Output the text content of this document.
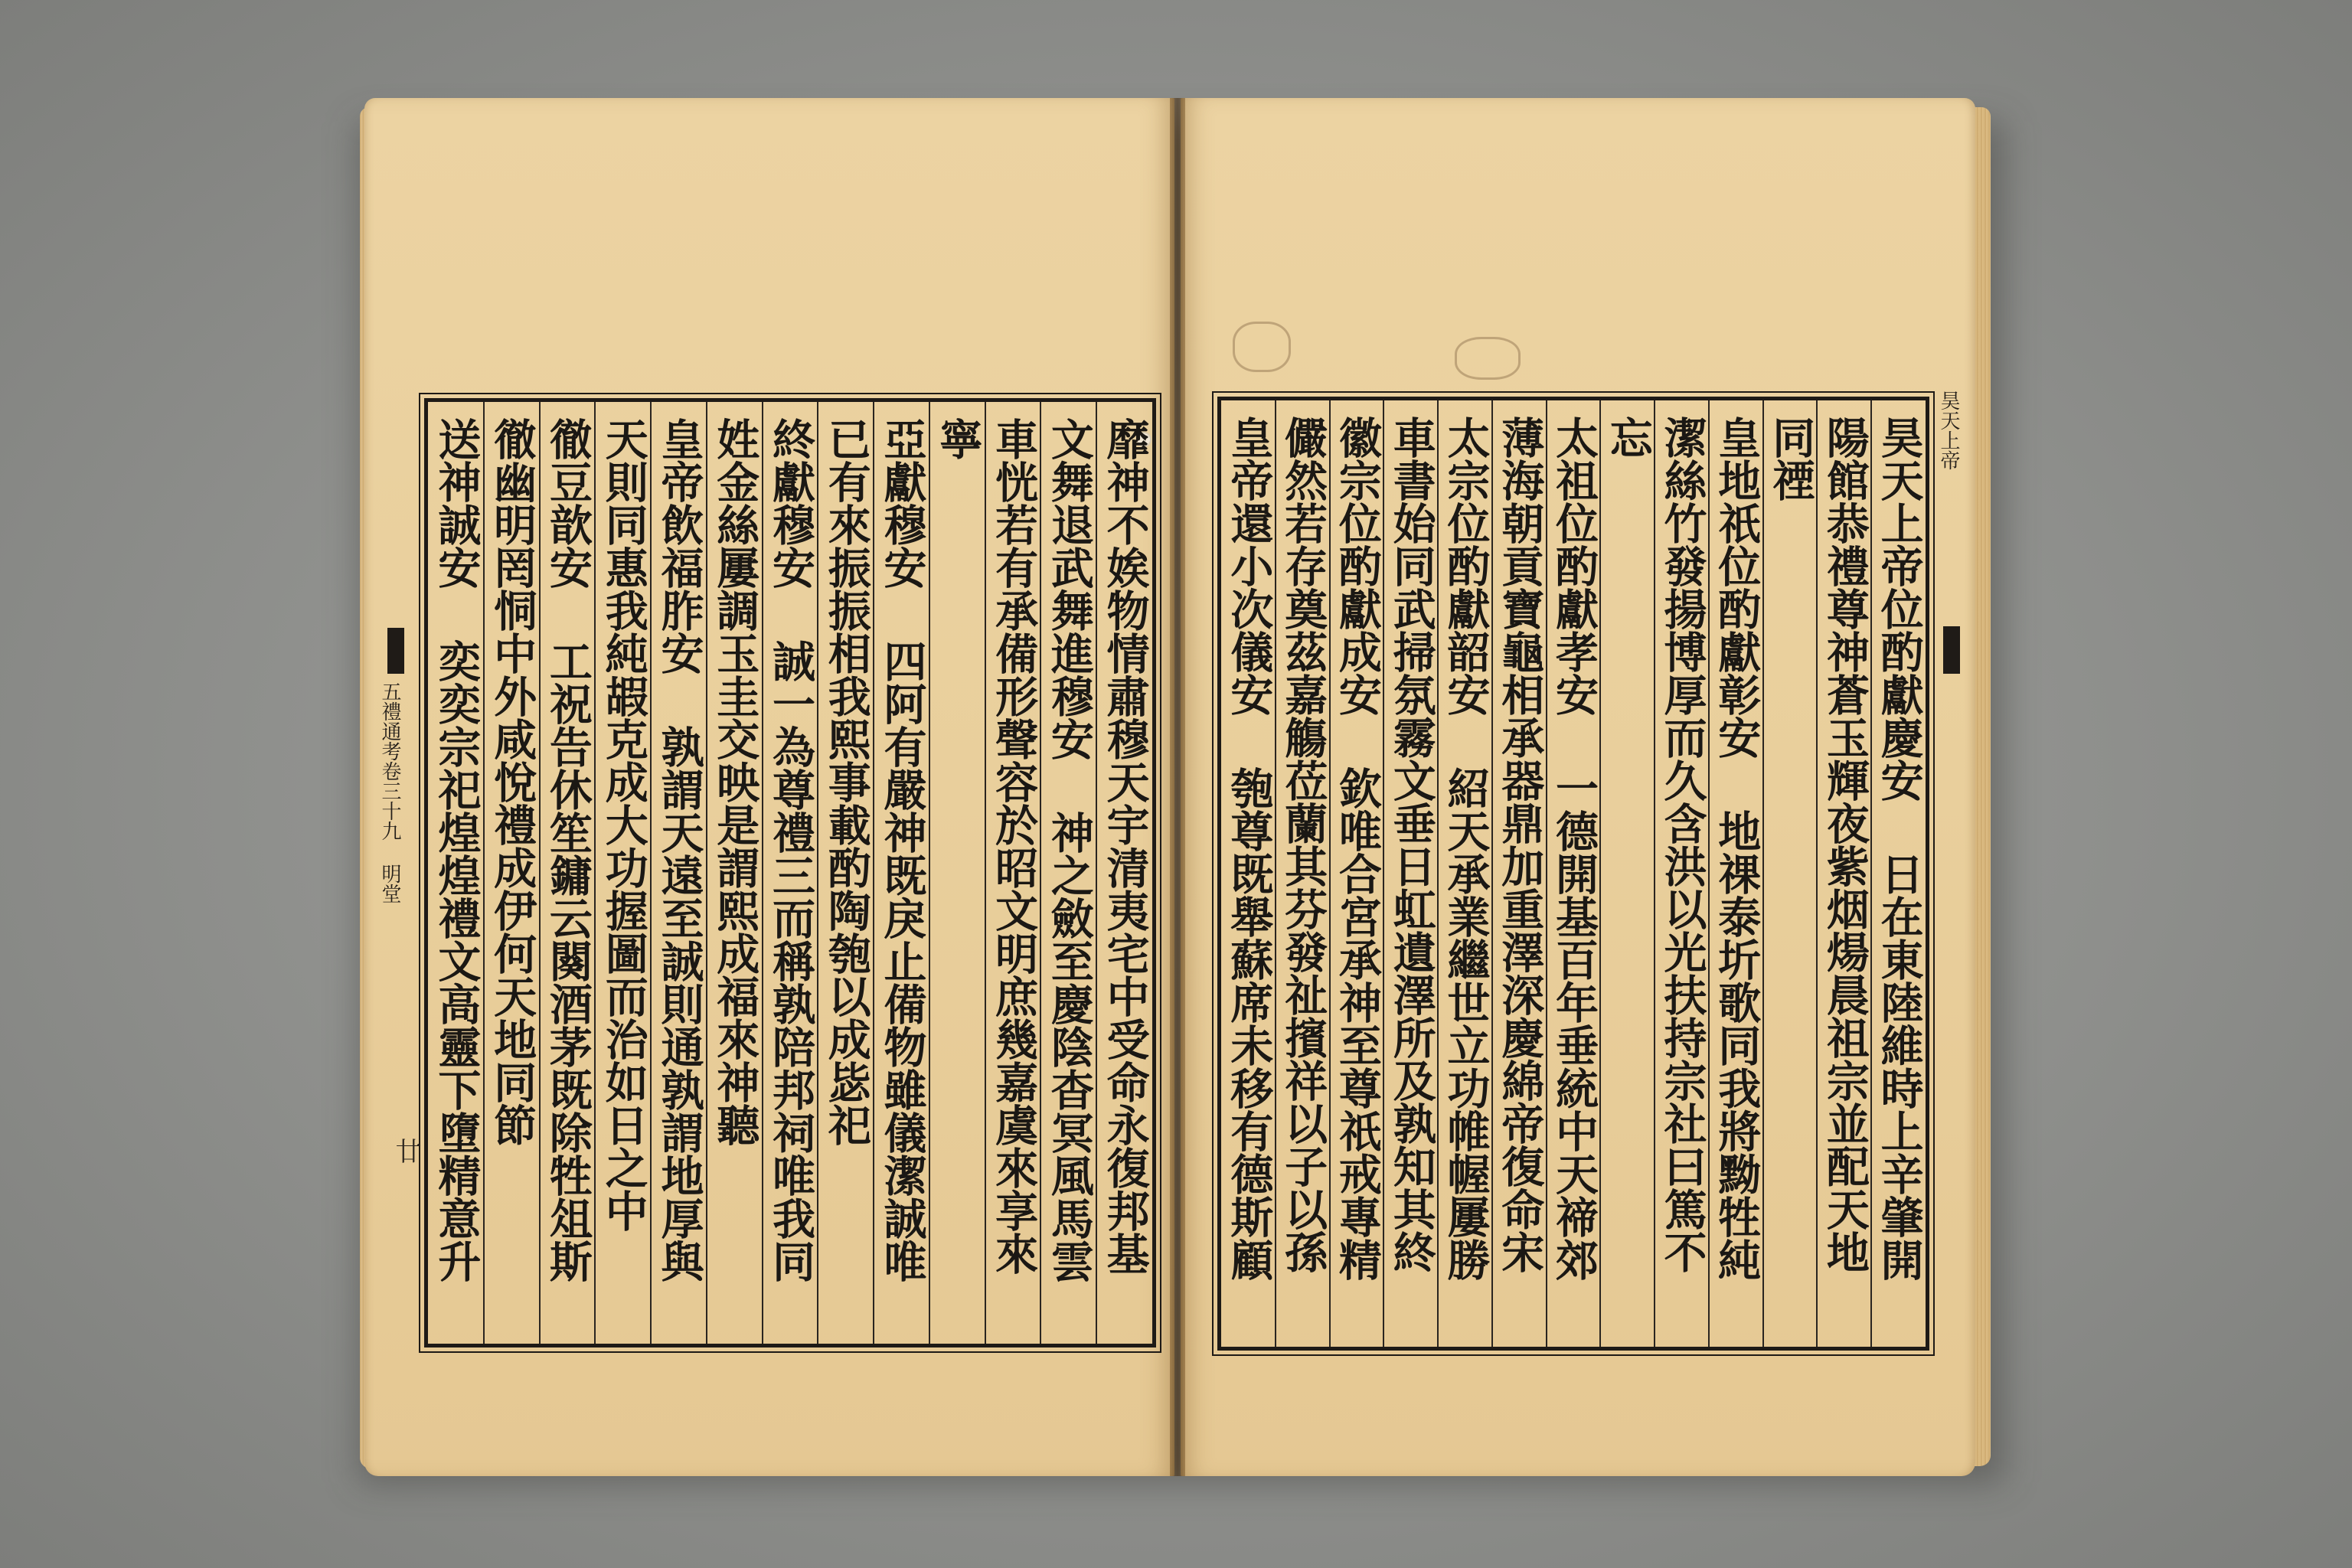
靡神不娭物情肅穆天宇清夷宅中受命永復邦基
文舞退武舞進穆安 神之斂至慶陰杳冥風馬雲
車恍若有承備形聲容於昭文明庶幾嘉虞來享來
寧
亞獻穆安 四阿有嚴神既戾止備物雖儀潔誠唯
已有來振振相我熙事載酌陶匏以成毖祀
終獻穆安 誠一為尊禮三而稱孰陪邦祠唯我同
姓金絲屢調玉圭交映是謂熙成福來神聽
皇帝飲福胙安 孰謂天遠至誠則通孰謂地厚與
天則同惠我純嘏克成大功握圖而治如日之中
徹豆歆安 工祝告休笙鏞云闋酒茅既除牲俎斯
徹幽明罔恫中外咸悅禮成伊何天地同節
送神誠安 奕奕宗祀煌煌禮文高靈下墮精意升
五禮通考卷三十九 明堂
廿	昊天上帝位酌獻慶安 日在東陸維時上辛肇開
陽館恭禮尊神蒼玉輝夜紫烟煬晨祖宗並配天地
同禋
皇地祇位酌獻彰安 地祼泰圻歌同我將黝牲純
潔絲竹發揚博厚而久含洪以光扶持宗社曰篤不
忘
太祖位酌獻孝安 一德開基百年垂統中天禘郊
薄海朝貢寶龜相承器鼎加重澤深慶綿帝復命宋
太宗位酌獻韶安 紹天承業繼世立功帷幄屢勝
車書始同武掃氛霧文垂日虹遺澤所及孰知其終
徽宗位酌獻成安 欽唯合宮承神至尊祇戒專精
儼然若存奠茲嘉觴莅蘭其芬發祉擯祥以子以孫
皇帝還小次儀安 匏尊既舉蘇席未移有德斯顧	昊天上帝
